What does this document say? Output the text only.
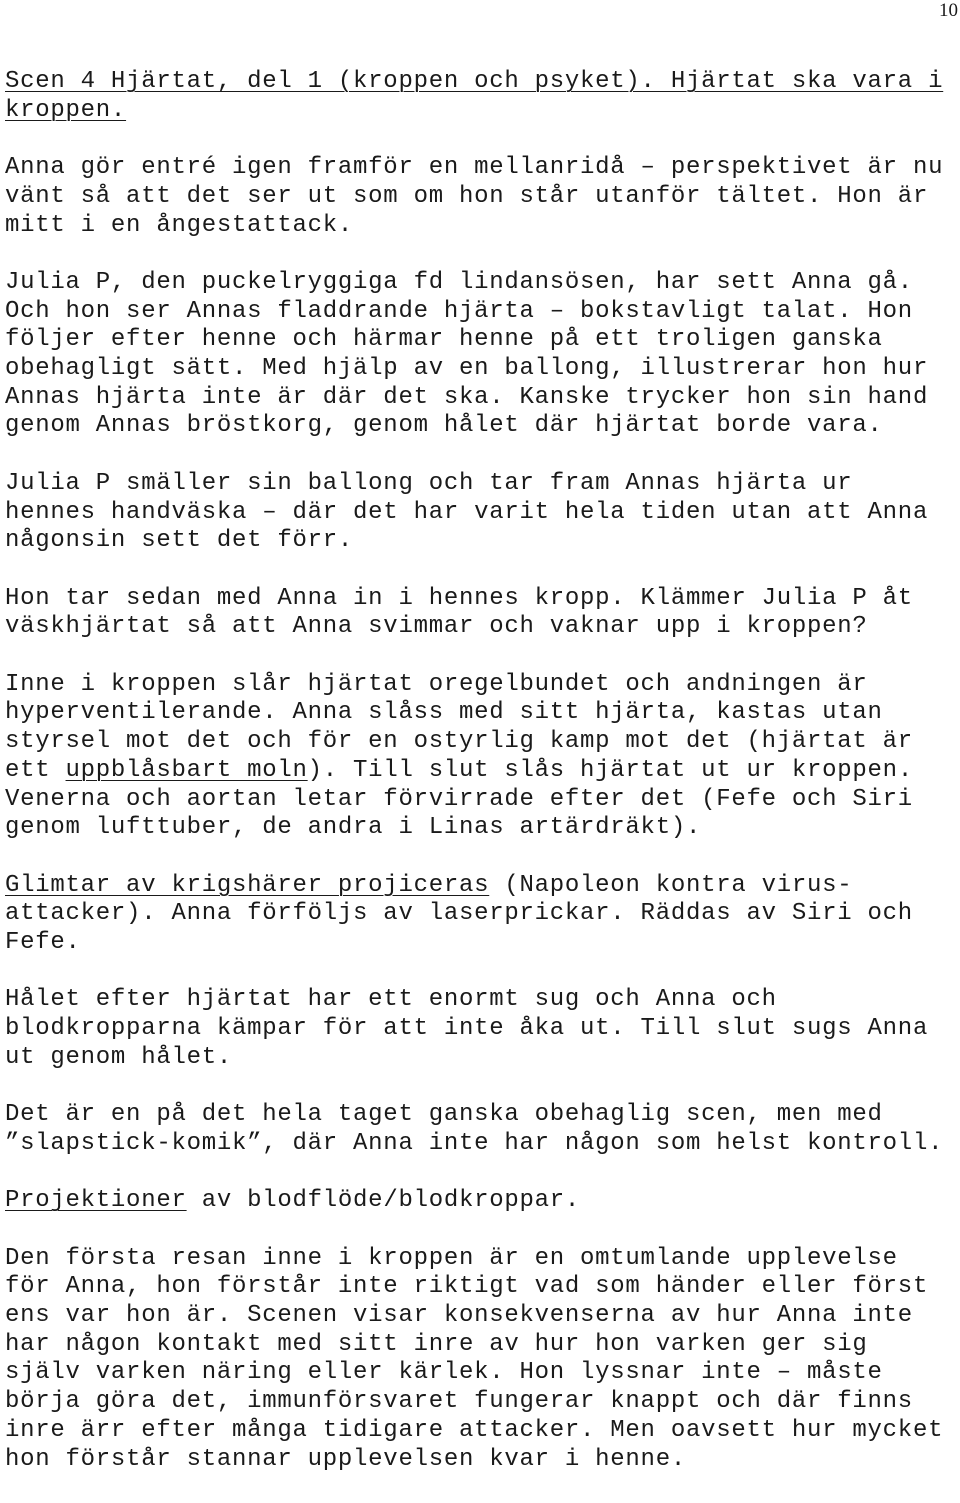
10

Scen 4 Hjärtat, del 1 (kroppen och psyket). Hjärtat ska vara i kroppen.

Anna gör entré igen framför en mellanridå – perspektivet är nu vänt så att det ser ut som om hon står utanför tältet. Hon är mitt i en ångestattack.

Julia P, den puckelryggiga fd lindansösen, har sett Anna gå. Och hon ser Annas fladdrande hjärta – bokstavligt talat. Hon följer efter henne och härmar henne på ett troligen ganska obehagligt sätt. Med hjälp av en ballong, illustrerar hon hur Annas hjärta inte är där det ska. Kanske trycker hon sin hand genom Annas bröstkorg, genom hålet där hjärtat borde vara.

Julia P smäller sin ballong och tar fram Annas hjärta ur hennes handväska – där det har varit hela tiden utan att Anna någonsin sett det förr.

Hon tar sedan med Anna in i hennes kropp. Klämmer Julia P åt väskhjärtat så att Anna svimmar och vaknar upp i kroppen?

Inne i kroppen slår hjärtat oregelbundet och andningen är hyperventilerande. Anna slåss med sitt hjärta, kastas utan styrsel mot det och för en ostyrlig kamp mot det (hjärtat är ett uppblåsbart moln). Till slut slås hjärtat ut ur kroppen. Venerna och aortan letar förvirrade efter det (Fefe och Siri genom lufttuber, de andra i Linas artärdräkt).

Glimtar av krigshärer projiceras (Napoleon kontra virus-attacker). Anna förföljs av laserprickar. Räddas av Siri och Fefe.

Hålet efter hjärtat har ett enormt sug och Anna och blodkropparna kämpar för att inte åka ut. Till slut sugs Anna ut genom hålet.

Det är en på det hela taget ganska obehaglig scen, men med ”slapstick-komik”, där Anna inte har någon som helst kontroll.

Projektioner av blodflöde/blodkroppar.

Den första resan inne i kroppen är en omtumlande upplevelse för Anna, hon förstår inte riktigt vad som händer eller först ens var hon är. Scenen visar konsekvenserna av hur Anna inte har någon kontakt med sitt inre av hur hon varken ger sig själv varken näring eller kärlek. Hon lyssnar inte – måste börja göra det, immunförsvaret fungerar knappt och där finns inre ärr efter många tidigare attacker. Men oavsett hur mycket hon förstår stannar upplevelsen kvar i henne.
